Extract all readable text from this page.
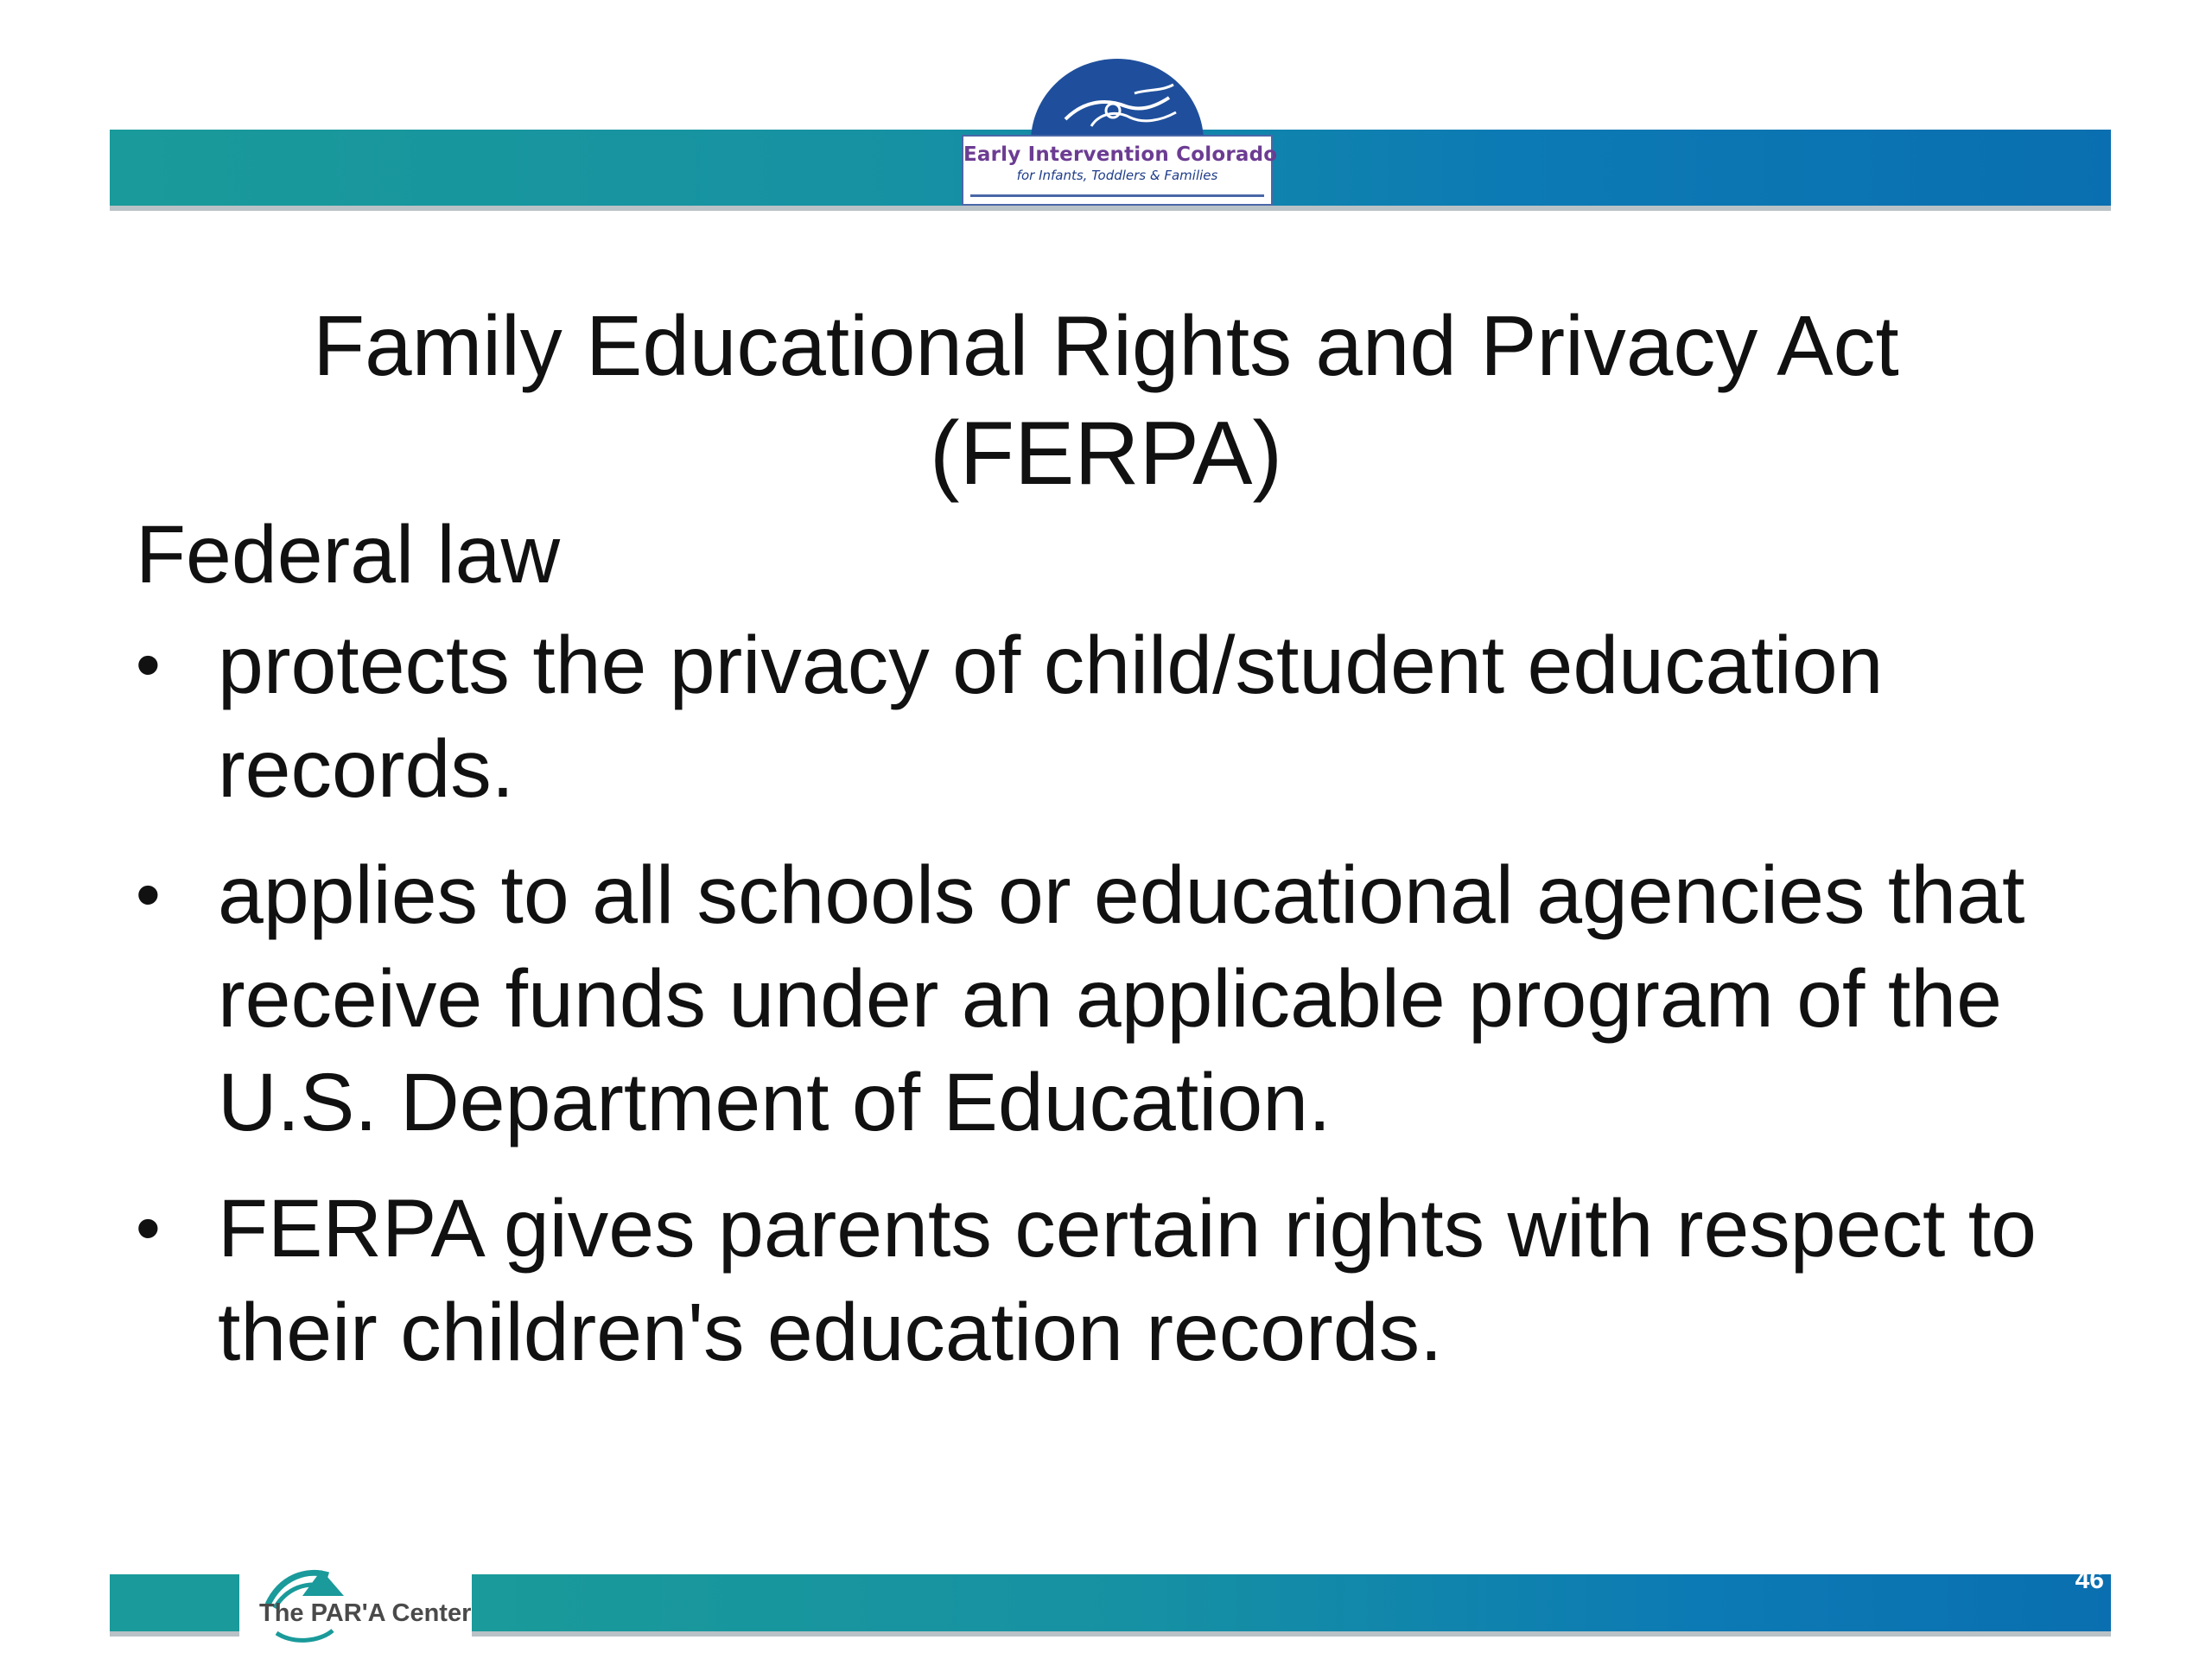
Early Intervention Colorado
for Infants, Toddlers & Families
Family Educational Rights and Privacy Act
(FERPA)
Federal law
• protects the privacy of child/student education records.
• applies to all schools or educational agencies that receive funds under an applicable program of the U.S. Department of Education.
• FERPA gives parents certain rights with respect to their children's education records.
46
The PAR'A Center
